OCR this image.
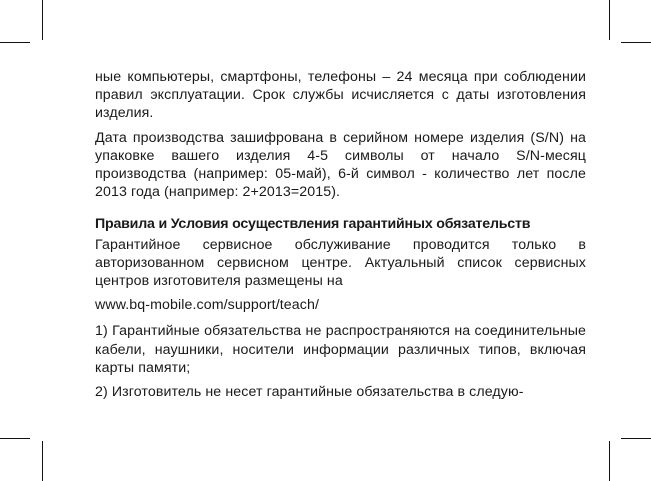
ные компьютеры, смартфоны, телефоны – 24 месяца при соблюдении правил эксплуатации. Срок службы исчисляется с даты изготовления изделия.

Дата производства зашифрована в серийном номере изделия (S/N) на упаковке вашего изделия 4-5 символы от начало S/N-месяц производства (например: 05-май), 6-й символ - количество лет после 2013 года (например: 2+2013=2015).

Правила и Условия осуществления гарантийных обязательств

Гарантийное сервисное обслуживание проводится только в авторизованном сервисном центре. Актуальный список сервисных центров изготовителя размещены на

www.bq-mobile.com/support/teach/

1) Гарантийные обязательства не распространяются на соединительные кабели, наушники, носители информации различных типов, включая карты памяти;

2) Изготовитель не несет гарантийные обязательства в следую-
